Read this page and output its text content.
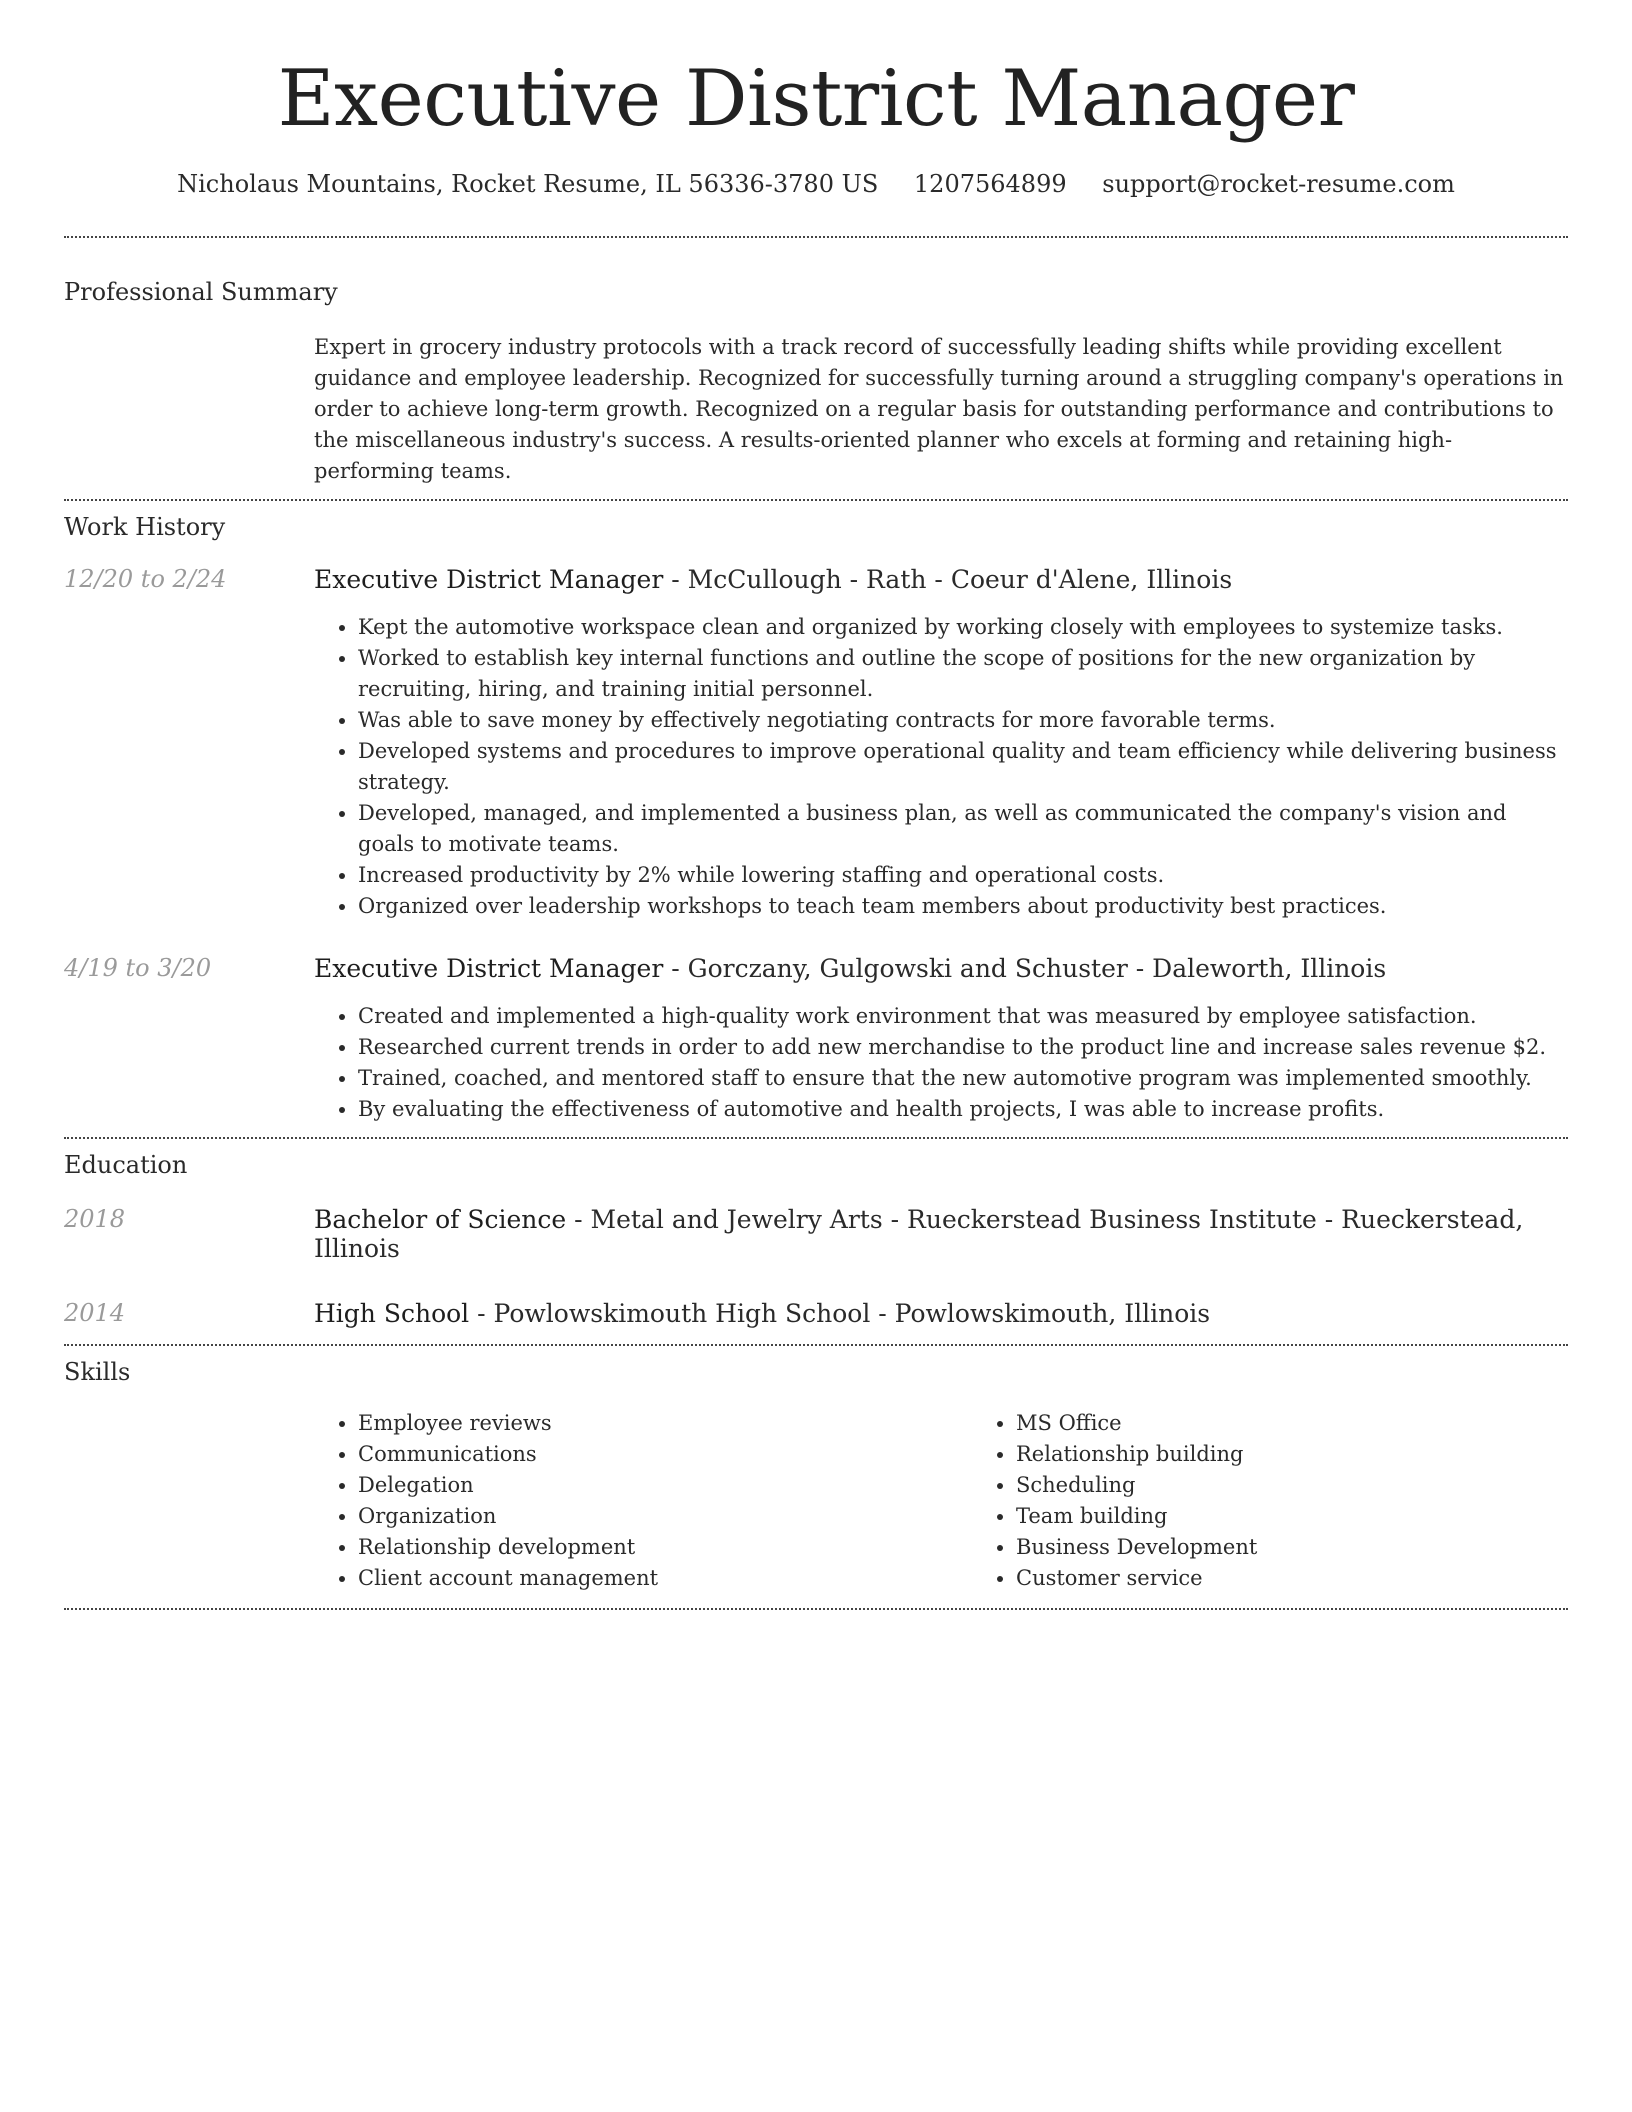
Executive District Manager
Nicholaus Mountains, Rocket Resume, IL 56336-3780 US 1207564899 support@rocket-resume.com
Professional Summary

Expert in grocery industry protocols with a track record of successfully leading shifts while providing excellent guidance and employee leadership. Recognized for successfully turning around a struggling company's operations in order to achieve long-term growth. Recognized on a regular basis for outstanding performance and contributions to the miscellaneous industry's success. A results-oriented planner who excels at forming and retaining high-performing teams.

Work History
12/20 to 2/24	Executive District Manager - McCullough - Rath - Coeur d'Alene, Illinois
• Kept the automotive workspace clean and organized by working closely with employees to systemize tasks.
• Worked to establish key internal functions and outline the scope of positions for the new organization by recruiting, hiring, and training initial personnel.
• Was able to save money by effectively negotiating contracts for more favorable terms.
• Developed systems and procedures to improve operational quality and team efficiency while delivering business strategy.
• Developed, managed, and implemented a business plan, as well as communicated the company's vision and goals to motivate teams.
• Increased productivity by 2% while lowering staffing and operational costs.
• Organized over leadership workshops to teach team members about productivity best practices.
4/19 to 3/20	Executive District Manager - Gorczany, Gulgowski and Schuster - Daleworth, Illinois
• Created and implemented a high-quality work environment that was measured by employee satisfaction.
• Researched current trends in order to add new merchandise to the product line and increase sales revenue $2.
• Trained, coached, and mentored staff to ensure that the new automotive program was implemented smoothly.
• By evaluating the effectiveness of automotive and health projects, I was able to increase profits.
Education
2018	Bachelor of Science - Metal and Jewelry Arts - Rueckerstead Business Institute - Rueckerstead, Illinois
2014	High School - Powlowskimouth High School - Powlowskimouth, Illinois
Skills
• Employee reviews
• Communications
• Delegation
• Organization
• Relationship development
• Client account management
• MS Office
• Relationship building
• Scheduling
• Team building
• Business Development
• Customer service
